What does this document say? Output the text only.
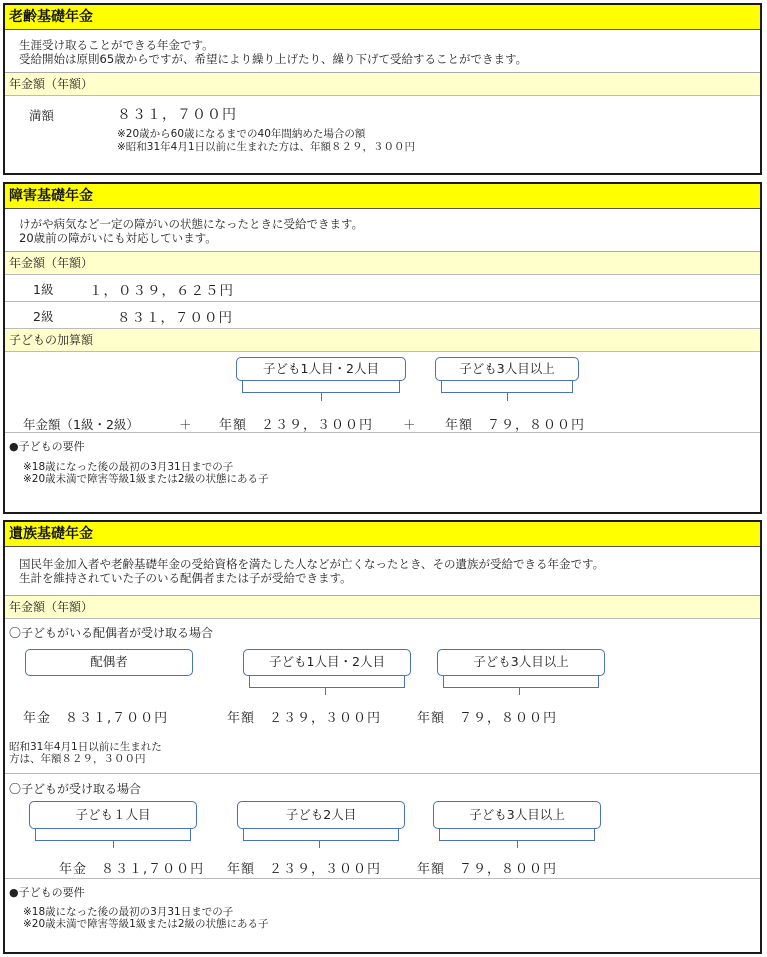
老齢基礎年金
生涯受け取ることができる年金です。
受給開始は原則65歳からですが、希望により繰り上げたり、繰り下げて受給することができます。
年金額（年額）
満額	８３１，７００円
※20歳から60歳になるまでの40年間納めた場合の額
※昭和31年4月1日以前に生まれた方は、年額８２９，３００円
障害基礎年金
けがや病気など一定の障がいの状態になったときに受給できます。
20歳前の障がいにも対応しています。
年金額（年額）
1級	１，０３９，６２５円
2級	８３１，７００円
子どもの加算額
子ども1人目・2人目	子ども3人目以上
年金額（1級・2級）	＋ 年額　２３９，３００円 ＋ 年額　７９，８００円
●子どもの要件
※18歳になった後の最初の3月31日までの子
※20歳未満で障害等級1級または2級の状態にある子
遺族基礎年金
国民年金加入者や老齢基礎年金の受給資格を満たした人などが亡くなったとき、その遺族が受給できる年金です。
生計を維持されていた子のいる配偶者または子が受給できます。
年金額（年額）
〇子どもがいる配偶者が受け取る場合
配偶者	子ども1人目・2人目	子ども3人目以上
年金　８３１,７００円	年額　２３９，３００円	年額　７９，８００円
昭和31年4月1日以前に生まれた
方は、年額８２９，３００円
〇子どもが受け取る場合
子ども１人目	子ども2人目	子ども3人目以上
年金　８３１,７００円 年額　２３９，３００円	年額　７９，８００円
●子どもの要件
※18歳になった後の最初の3月31日までの子
※20歳未満で障害等級1級または2級の状態にある子
